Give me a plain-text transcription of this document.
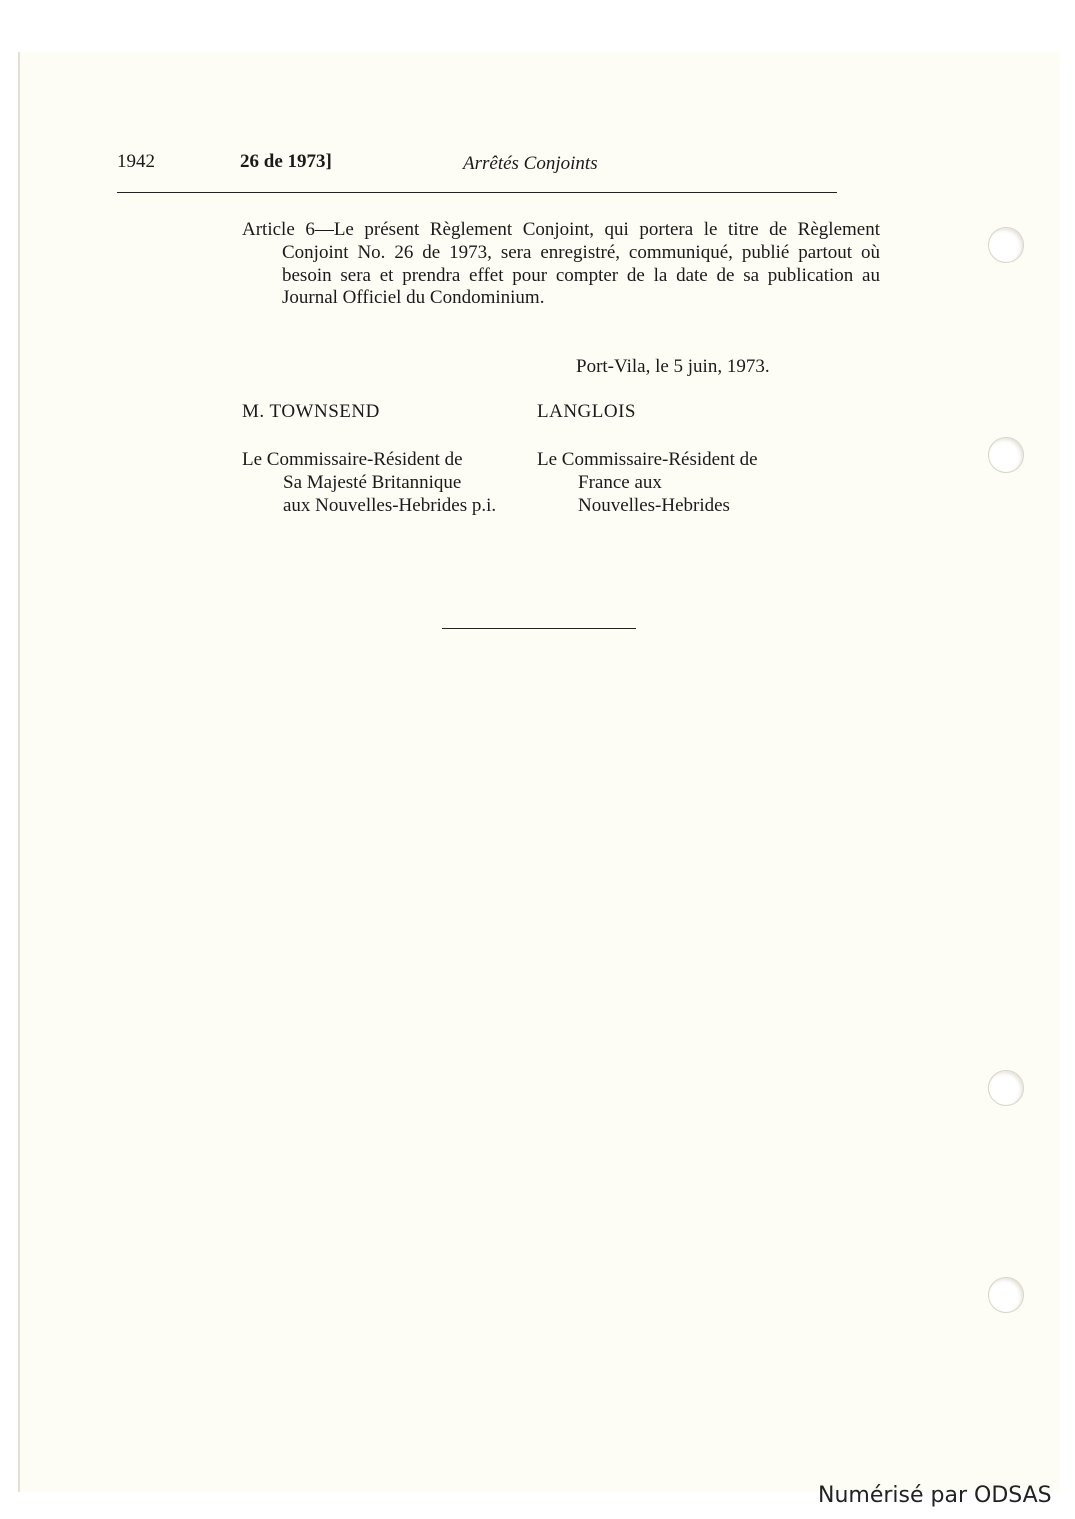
1942	26 de 1973]	Arrêtés Conjoints
Article 6—Le présent Règlement Conjoint, qui portera le titre de Règlement Conjoint No. 26 de 1973, sera enregistré, communiqué, publié partout où besoin sera et prendra effet pour compter de la date de sa publication au Journal Officiel du Condominium.
Port-Vila, le 5 juin, 1973.
M. TOWNSEND	LANGLOIS
Le Commissaire-Résident de
Sa Majesté Britannique
aux Nouvelles-Hebrides p.i.
Le Commissaire-Résident de
France aux
Nouvelles-Hebrides
Numérisé par ODSAS
